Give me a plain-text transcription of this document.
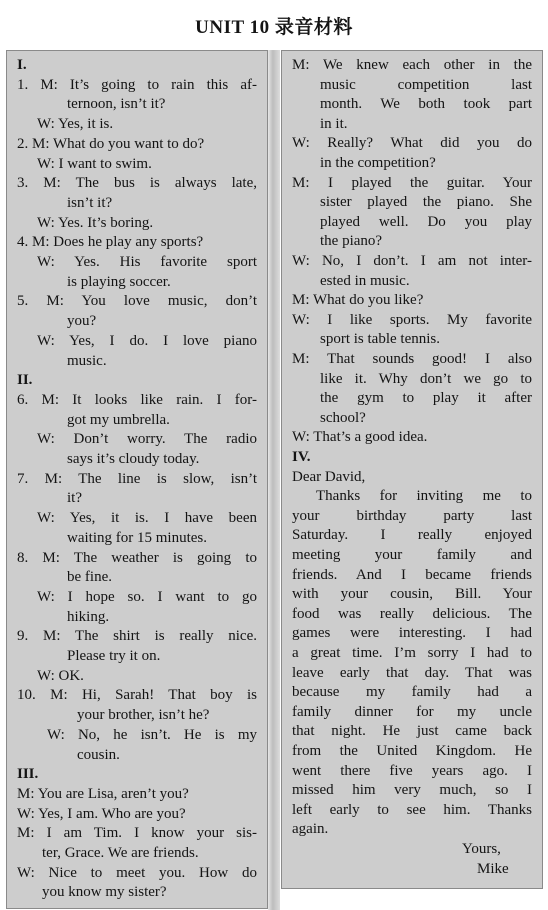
UNIT 10 录音材料
I.
1. M: It’s going to rain this af-
ternoon, isn’t it?
W: Yes, it is.
2. M: What do you want to do?
W: I want to swim.
3. M: The bus is always late,
isn’t it?
W: Yes. It’s boring.
4. M: Does he play any sports?
W: Yes. His favorite sport
is playing soccer.
5. M: You love music, don’t
you?
W: Yes, I do. I love piano
music.
II.
6. M: It looks like rain. I for-
got my umbrella.
W: Don’t worry. The radio
says it’s cloudy today.
7. M: The line is slow, isn’t
it?
W: Yes, it is. I have been
waiting for 15 minutes.
8. M: The weather is going to
be fine.
W: I hope so. I want to go
hiking.
9. M: The shirt is really nice.
Please try it on.
W: OK.
10. M: Hi, Sarah! That boy is
your brother, isn’t he?
W: No, he isn’t. He is my
cousin.
III.
M: You are Lisa, aren’t you?
W: Yes, I am. Who are you?
M: I am Tim. I know your sis-
ter, Grace. We are friends.
W: Nice to meet you. How do
you know my sister?
M: We knew each other in the
music competition last
month. We both took part
in it.
W: Really? What did you do
in the competition?
M: I played the guitar. Your
sister played the piano. She
played well. Do you play
the piano?
W: No, I don’t. I am not inter-
ested in music.
M: What do you like?
W: I like sports. My favorite
sport is table tennis.
M: That sounds good! I also
like it. Why don’t we go to
the gym to play it after
school?
W: That’s a good idea.
IV.
Dear David,
Thanks for inviting me to
your birthday party last
Saturday. I really enjoyed
meeting your family and
friends. And I became friends
with your cousin, Bill. Your
food was really delicious. The
games were interesting. I had
a great time. I’m sorry I had to
leave early that day. That was
because my family had a
family dinner for my uncle
that night. He just came back
from the United Kingdom. He
went there five years ago. I
missed him very much, so I
left early to see him. Thanks
again.
Yours,
Mike
